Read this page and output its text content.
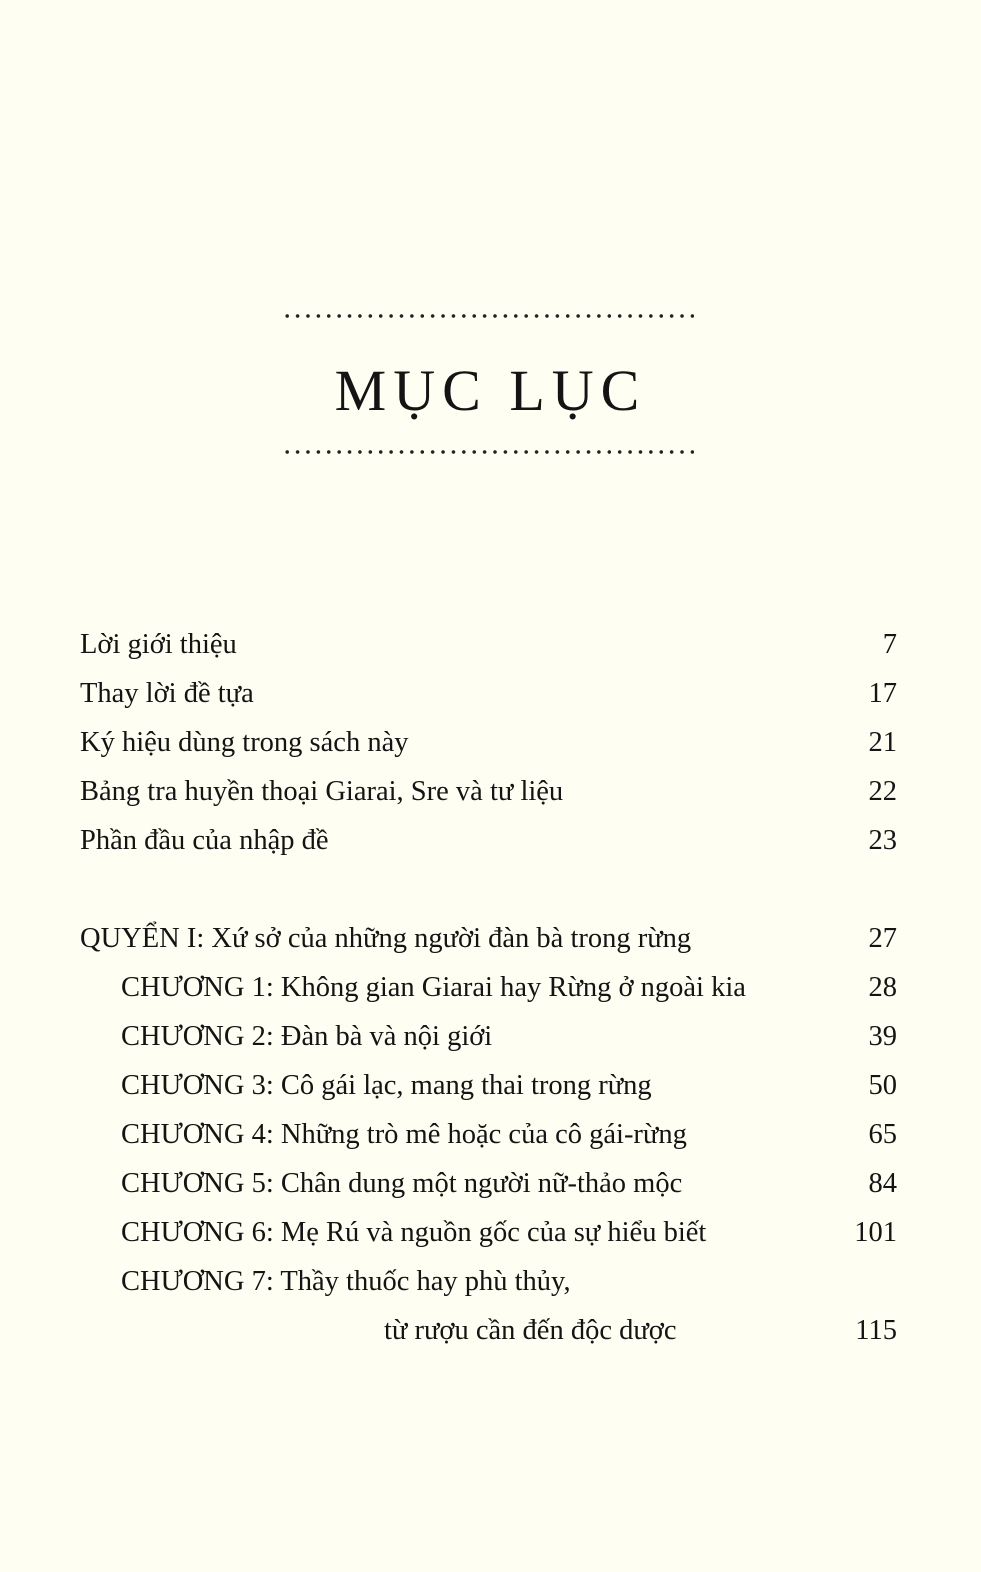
MỤC LỤC
Lời giới thiệu	7
Thay lời đề tựa	17
Ký hiệu dùng trong sách này	21
Bảng tra huyền thoại Giarai, Sre và tư liệu	22
Phần đầu của nhập đề	23
QUYỂN I: Xứ sở của những người đàn bà trong rừng	27
CHƯƠNG 1: Không gian Giarai hay Rừng ở ngoài kia	28
CHƯƠNG 2: Đàn bà và nội giới	39
CHƯƠNG 3: Cô gái lạc, mang thai trong rừng	50
CHƯƠNG 4: Những trò mê hoặc của cô gái-rừng	65
CHƯƠNG 5: Chân dung một người nữ-thảo mộc	84
CHƯƠNG 6: Mẹ Rú và nguồn gốc của sự hiểu biết	101
CHƯƠNG 7: Thầy thuốc hay phù thủy,
từ rượu cần đến độc dược	115
